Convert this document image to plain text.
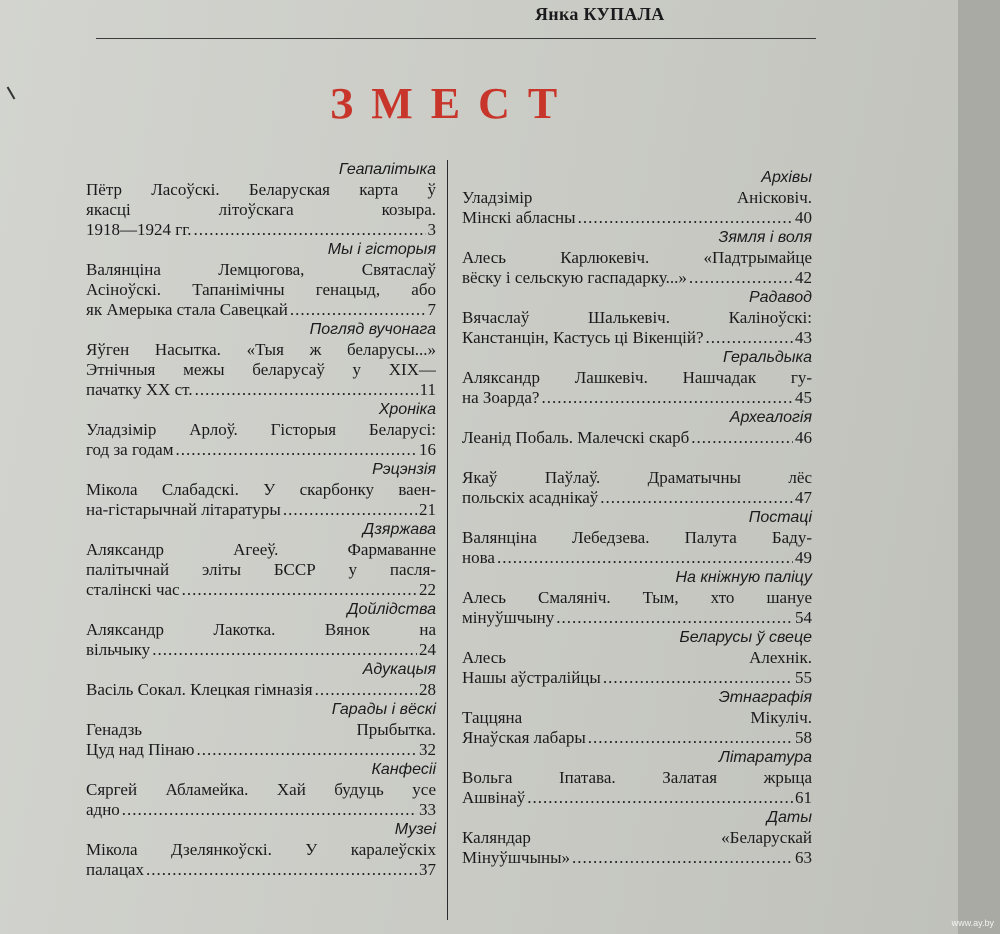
Янка КУПАЛА
ЗМЕСТ
Геапалітыка
Пётр Ласоўскі. Беларуская карта ў
якасці літоўскага козыра.
1918—1924 гг. .....	3
Мы і гісторыя
Валянціна Лемцюгова, Святаслаў
Асіноўскі. Тапанімічны генацыд, або
як Амерыка стала Савецкай .....	7
Погляд вучонага
Яўген Насытка. «Тыя ж беларусы...»
Этнічныя межы беларусаў у XIX—
пачатку XX ст. .....	11
Хроніка
Уладзімір Арлоў. Гісторыя Беларусі:
год за годам .....	16
Рэцэнзія
Мікола Слабадскі. У скарбонку ваен-
на-гістарычнай літаратуры .....	21
Дзяржава
Аляксандр Агееў. Фармаванне
палітычнай эліты БССР у пасля-
сталінскі час .....	22
Дойлідства
Аляксандр Лакотка. Вянок на
вільчыку .....	24
Адукацыя
Васіль Сокал. Клецкая гімназія .....	28
Гарады і вёскі
Генадзь Прыбытка.
Цуд над Пінаю .....	32
Канфесіі
Сяргей Абламейка. Хай будуць усе
адно .....	33
Музеі
Мікола Дзелянкоўскі. У каралеўскіх
палацах .....	37
Архівы
Уладзімір Аніскові͏ч.
Мінскі абласны .....	40
Зямля і воля
Алесь Карлюкевіч. «Падтрымайце
вёску і сельскую гаспадарку...» .....	42
Радавод
Вячаслаў Шалькевіч. Каліноўскі:
Канстанцін, Кастусь ці Вікенцій? .....	43
Геральдыка
Аляксандр Лашкевіч. Нашчадак гу-
на Зоарда? .....	45
Археалогія
Леанід Побаль. Малечскі скарб .....	46
Якаў Паўлаў. Драматычны лёс
польскіх асаднікаў .....	47
Постаці
Валянціна Лебедзева. Палута Баду-
нова .....	49
На кніжную паліцу
Алесь Смаляніч. Тым, хто шануе
мінуўшчыну .....	54
Беларусы ў свеце
Алесь Алехнік.
Нашы аўстралійцы .....	55
Этнаграфія
Таццяна Мікуліч.
Янаўская лабары .....	58
Літаратура
Вольга Іпатава. Залатая жрыца
Ашвінаў .....	61
Даты
Каляндар «Беларускай
Мінуўшчыны» .....	63
www.ay.by
